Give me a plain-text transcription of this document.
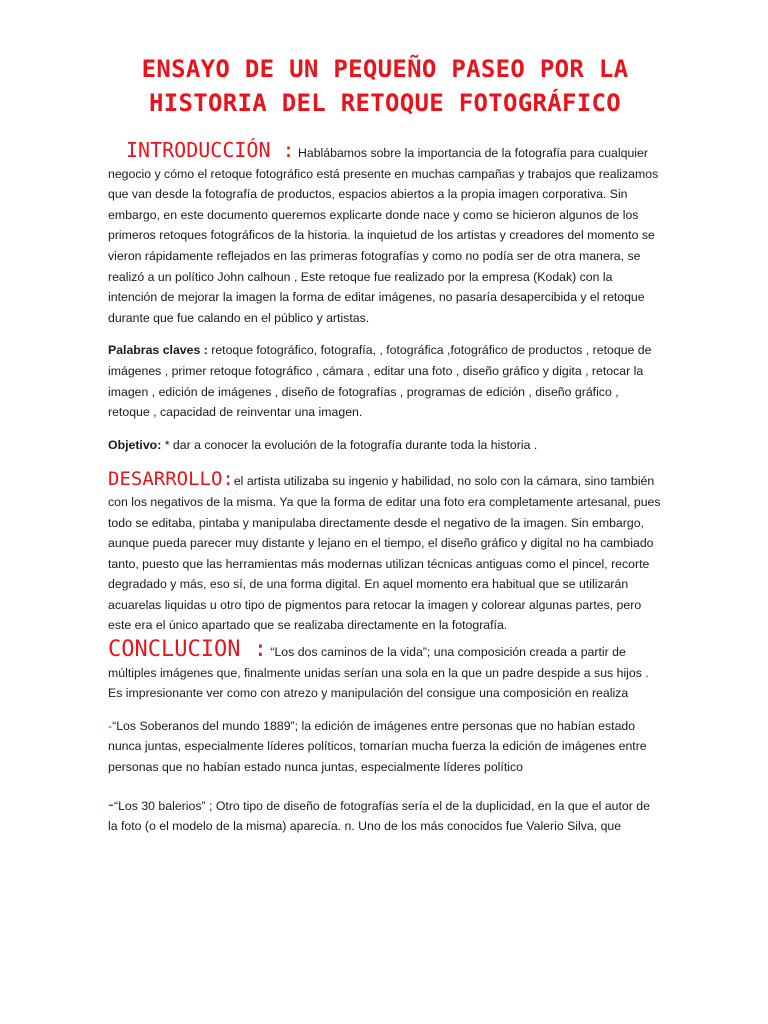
ENSAYO DE UN PEQUEÑO PASEO POR LA
HISTORIA DEL RETOQUE FOTOGRÁFICO

INTRODUCCIÓN : Hablábamos sobre la importancia de la fotografía para cualquier negocio y cómo el retoque fotográfico está presente en muchas campañas y trabajos que realizamos que van desde la fotografía de productos, espacios abiertos a la propia imagen corporativa. Sin embargo, en este documento queremos explicarte donde nace y como se hicieron algunos de los primeros retoques fotográficos de la historia. la inquietud de los artistas y creadores del momento se vieron rápidamente reflejados en las primeras fotografías y como no podía ser de otra manera, se realizó a un político John calhoun , Este retoque fue realizado por la empresa (Kodak) con la intención de mejorar la imagen la forma de editar imágenes, no pasaría desapercibida y el retoque durante que fue calando en el público y artistas.

Palabras claves : retoque fotográfico, fotografía, , fotográfica ,fotográfico de productos , retoque de imágenes , primer retoque fotográfico , cámara , editar una foto , diseño gráfico y digita , retocar la imagen , edición de imágenes , diseño de fotografías , programas de edición , diseño gráfico , retoque , capacidad de reinventar una imagen.

Objetivo: * dar a conocer la evolución de la fotografía durante toda la historia .

DESARROLLO:el artista utilizaba su ingenio y habilidad, no solo con la cámara, sino también con los negativos de la misma. Ya que la forma de editar una foto era completamente artesanal, pues todo se editaba, pintaba y manipulaba directamente desde el negativo de la imagen. Sin embargo, aunque pueda parecer muy distante y lejano en el tiempo, el diseño gráfico y digital no ha cambiado tanto, puesto que las herramientas más modernas utilizan técnicas antiguas como el pincel, recorte degradado y más, eso sí, de una forma digital. En aquel momento era habitual que se utilizarán acuarelas liquidas u otro tipo de pigmentos para retocar la imagen y colorear algunas partes, pero este era el único apartado que se realizaba directamente en la fotografía.

CONCLUCION : “Los dos caminos de la vida”; una composición creada a partir de múltiples imágenes que, finalmente unidas serían una sola en la que un padre despide a sus hijos . Es impresionante ver como con atrezo y manipulación del consigue una composición en realiza

-“Los Soberanos del mundo 1889”; la edición de imágenes entre personas que no habían estado nunca juntas, especialmente líderes políticos, tomarían mucha fuerza la edición de imágenes entre personas que no habían estado nunca juntas, especialmente líderes político

-“Los 30 balerios” ; Otro tipo de diseño de fotografías sería el de la duplicidad, en la que el autor de la foto (o el modelo de la misma) aparecía. n. Uno de los más conocidos fue Valerio Silva, que
